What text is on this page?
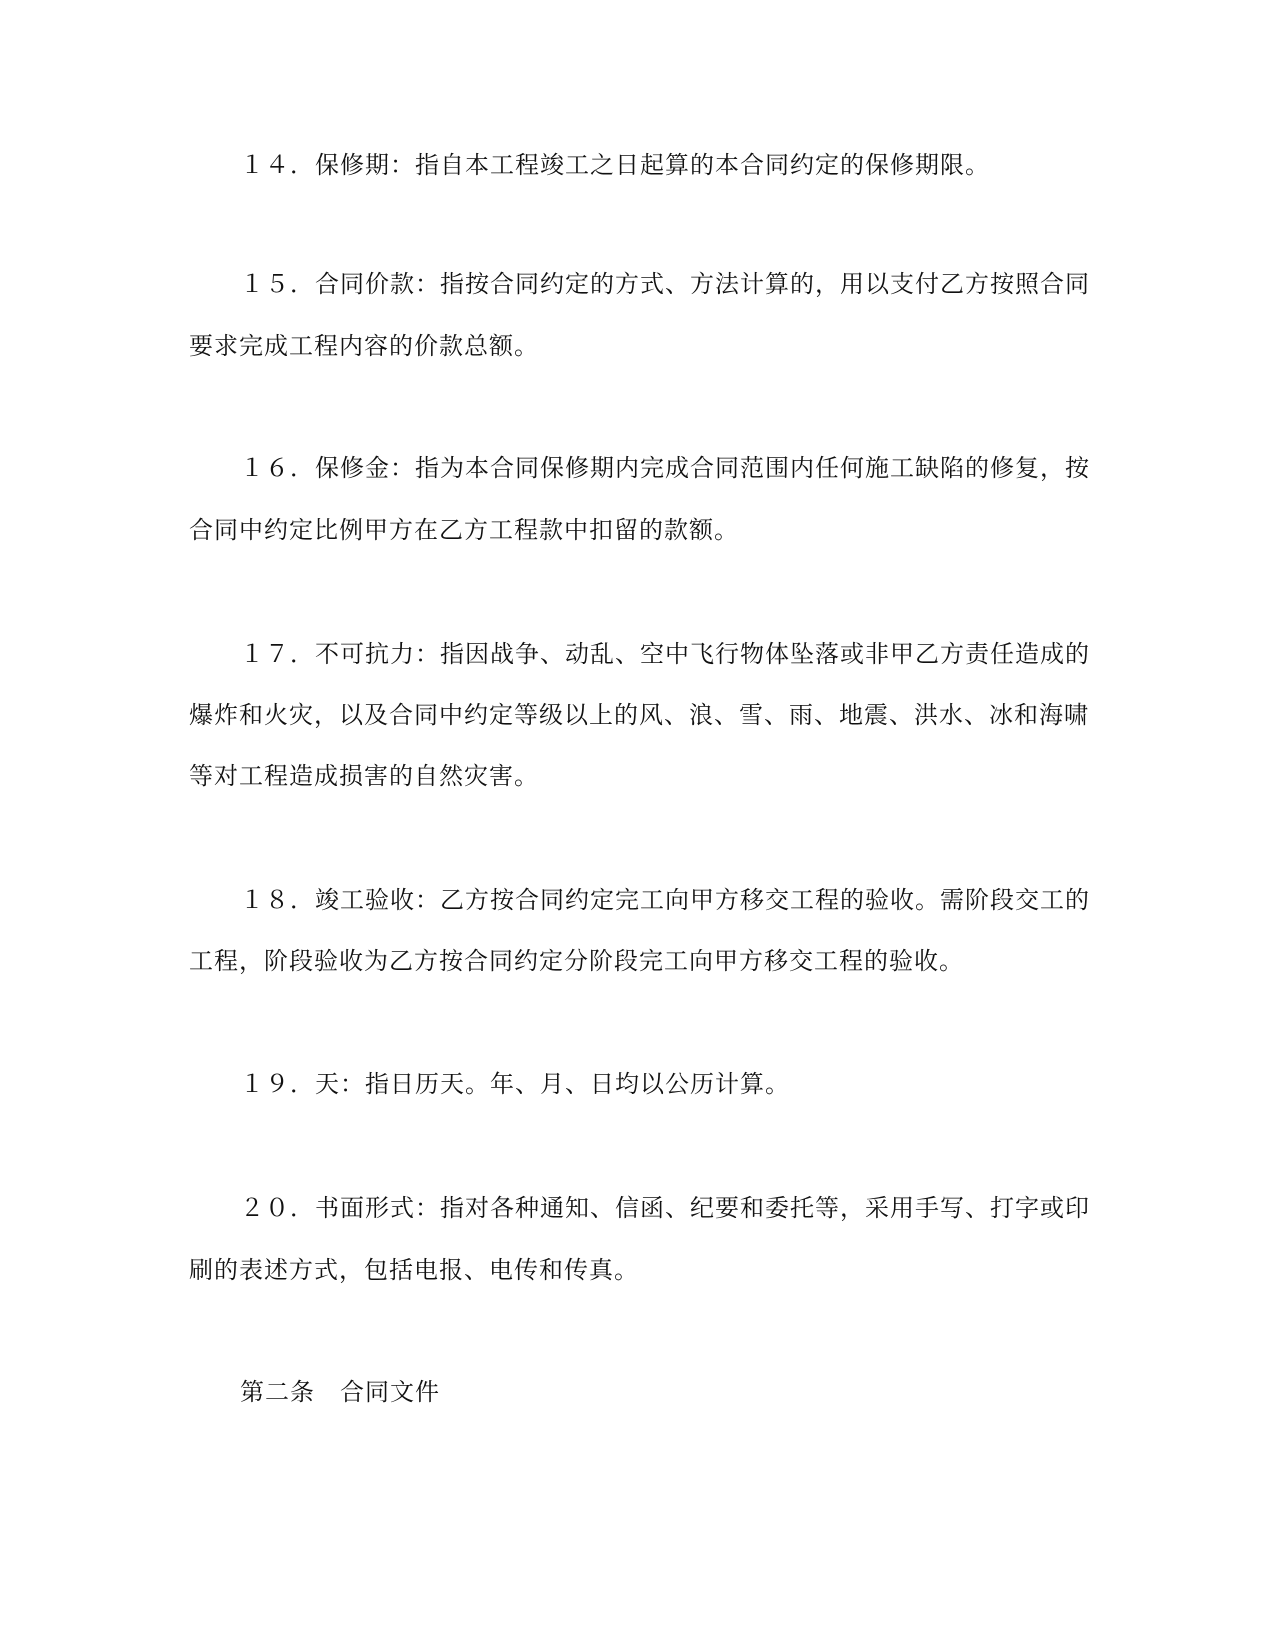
１４．保修期：指自本工程竣工之日起算的本合同约定的保修期限。
１５．合同价款：指按合同约定的方式、方法计算的，用以支付乙方按照合同
要求完成工程内容的价款总额。
１６．保修金：指为本合同保修期内完成合同范围内任何施工缺陷的修复，按
合同中约定比例甲方在乙方工程款中扣留的款额。
１７．不可抗力：指因战争、动乱、空中飞行物体坠落或非甲乙方责任造成的
爆炸和火灾，以及合同中约定等级以上的风、浪、雪、雨、地震、洪水、冰和海啸
等对工程造成损害的自然灾害。
１８．竣工验收：乙方按合同约定完工向甲方移交工程的验收。需阶段交工的
工程，阶段验收为乙方按合同约定分阶段完工向甲方移交工程的验收。
１９．天：指日历天。年、月、日均以公历计算。
２０．书面形式：指对各种通知、信函、纪要和委托等，采用手写、打字或印
刷的表述方式，包括电报、电传和传真。
第二条　合同文件
